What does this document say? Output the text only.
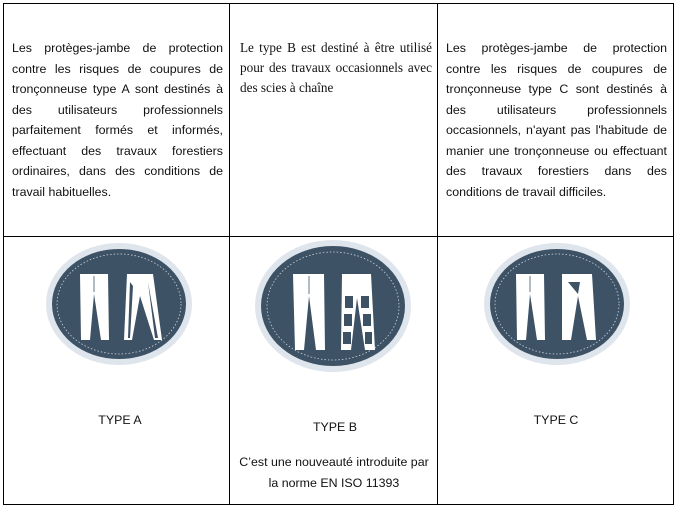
Les protèges-jambe de protection contre les risques de coupures de tronçonneuse type A sont destinés à des utilisateurs professionnels parfaitement formés et informés, effectuant des travaux forestiers ordinaires, dans des conditions de travail habituelles.
Le type B est destiné à être utilisé pour des travaux occasionnels avec des scies à chaîne
Les protèges-jambe de protection contre les risques de coupures de tronçonneuse type C sont destinés à des utilisateurs professionnels occasionnels, n'ayant pas l'habitude de manier une tronçonneuse ou effectuant des travaux forestiers dans des conditions de travail difficiles.
TYPE A	TYPE B
C’est une nouveauté introduite par la norme EN ISO 11393
TYPE C
